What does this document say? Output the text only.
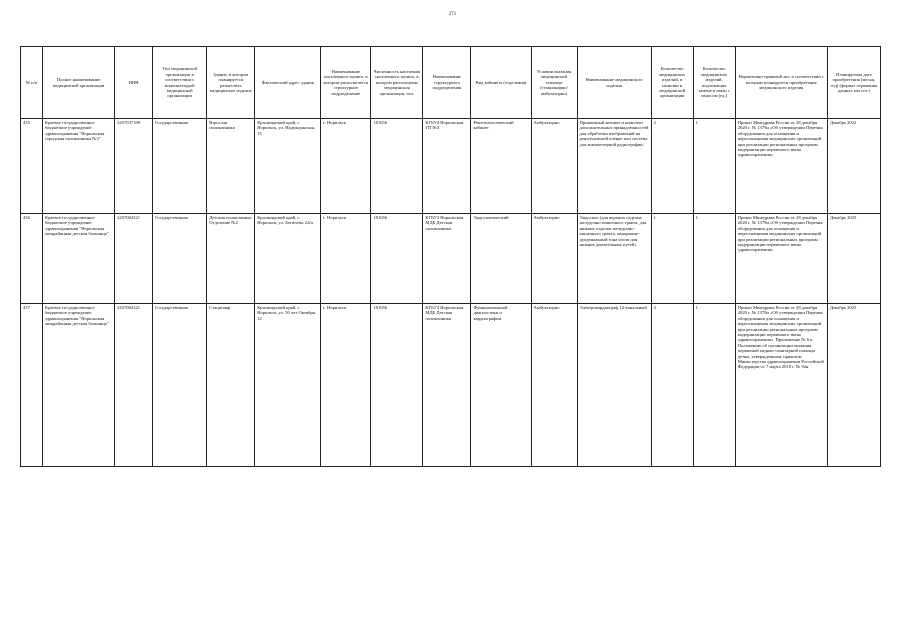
271
№ п/п	Полное наименование медицинской организации	ИНН	Тип медицинской организации в соответствии с номенклатурой медицинской организации	Здание, в котором планируется разместить медицинское изделие	Фактический адрес здания	Наименование населенного пункта, в котором располагается структурное подразделение	Численность населения населенного пункта, в котором расположена медицинская организация, чел.	Наименование структурного подразделения	Вид кабинета (отделения)	Условия оказания медицинской помощи (стационарно/ амбулаторно)	Наименование медицинского изделия	Количество медицинских изделий, в наличии в медицинской организации	Количество медицинских изделий, подлежащих замене в связи с износом (ед.)	Нормативно-правовой акт, в соответствии с которым планируется приобретение медицинского изделия	Планируемая дата приобретения (месяц, год) (формат отражения данных мм гггг)
435	Краевое государственное бюджетное учреждение здравоохранения "Норильская городская поликлиника №3"	2457037109	Государственная	Взрослая поликлиника	Красноярский край, г. Норильск, ул. Надеждинская, 15	г. Норильск	181656	КГБУЗ Норильская ГП №3	Рентгенологический кабинет	Амбулаторно	Проявочный автомат и комплект дополнительных принадлежностей для обработки изображений на рентгеновской пленке или система для компьютерной радиографии	2	1	Приказ Минздрава России от 28 декабря 2020 г. № 1379н «Об утверждении Перечня оборудования для оснащения и переоснащения медицинских организаций при реализации региональных программ модернизации первичного звена здравоохранения»	Декабрь 2022
436	Краевое государственное бюджетное учреждение здравоохранения "Норильская межрайонная детская больница"	2457002321	Государственная	Детская поликлиника Отделение №2	Красноярский край, г. Норильск, ул. Бегичева, 24/а	г. Норильск	181656	КГБУЗ Норильская МДБ Детская поликлиника	Эндоскопический	Амбулаторно	Эндоскоп (для верхних отделов желудочно-кишечного тракта, для нижних отделов желудочно-кишечного тракта, панорамно-дуоденальный зона и/или для нижних дыхательных путей)	1	1	Приказ Минздрава России от 28 декабря 2020 г. № 1379н «Об утверждении Перечня оборудования для оснащения и переоснащения медицинских организаций при реализации региональных программ модернизации первичного звена здравоохранения»	Декабрь 2025
437	Краевое государственное бюджетное учреждение здравоохранения "Норильская межрайонная детская больница"	2457002321	Государственная	Стационар	Красноярский край, г. Норильск, ул. 50 лет Октября, 12	г. Норильск	181656	КГБУЗ Норильская МДБ Детская поликлиника	Функциональной диагностики и кардиографии	Амбулаторно	Электрокардиограф 12-канальный	3	1	Приказ Минздрава России от 28 декабря 2020 г. № 1379н «Об утверждении Перечня оборудования для оснащения и переоснащения медицинских организаций при реализации региональных программ модернизации первичного звена здравоохранения». Приложение № 6 к Положению об организации оказания первичной медико-санитарной помощи детям, утвержденному приказом Министерства здравоохранения Российской Федерации от 7 марта 2018 г. № 92н	Декабрь 2025
